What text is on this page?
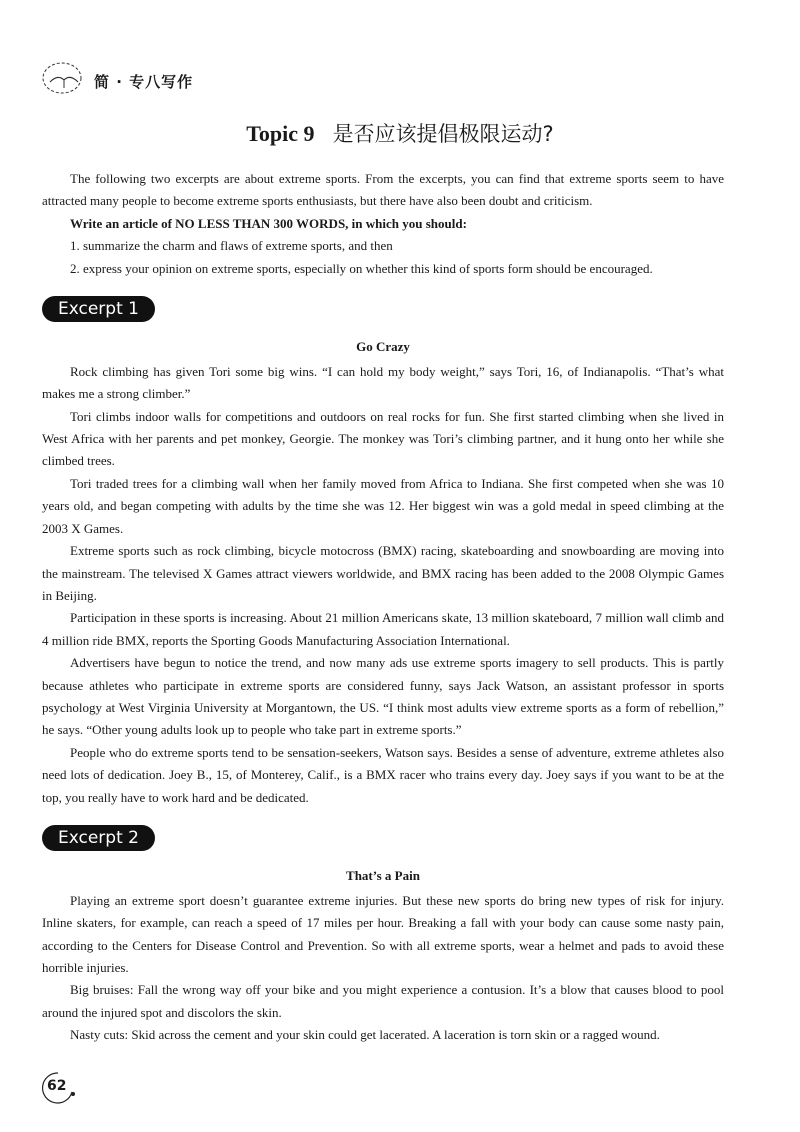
简 · 专八写作
Topic 9 是否应该提倡极限运动?

The following two excerpts are about extreme sports. From the excerpts, you can find that extreme sports seem to have attracted many people to become extreme sports enthusiasts, but there have also been doubt and criticism.

Write an article of NO LESS THAN 300 WORDS, in which you should:

1. summarize the charm and flaws of extreme sports, and then

2. express your opinion on extreme sports, especially on whether this kind of sports form should be encouraged.

Excerpt 1

Go Crazy

Rock climbing has given Tori some big wins. “I can hold my body weight,” says Tori, 16, of Indianapolis. “That’s what makes me a strong climber.”

Tori climbs indoor walls for competitions and outdoors on real rocks for fun. She first started climbing when she lived in West Africa with her parents and pet monkey, Georgie. The monkey was Tori’s climbing partner, and it hung onto her while she climbed trees.

Tori traded trees for a climbing wall when her family moved from Africa to Indiana. She first competed when she was 10 years old, and began competing with adults by the time she was 12. Her biggest win was a gold medal in speed climbing at the 2003 X Games.

Extreme sports such as rock climbing, bicycle motocross (BMX) racing, skateboarding and snowboarding are moving into the mainstream. The televised X Games attract viewers worldwide, and BMX racing has been added to the 2008 Olympic Games in Beijing.

Participation in these sports is increasing. About 21 million Americans skate, 13 million skateboard, 7 million wall climb and 4 million ride BMX, reports the Sporting Goods Manufacturing Association International.

Advertisers have begun to notice the trend, and now many ads use extreme sports imagery to sell products. This is partly because athletes who participate in extreme sports are considered funny, says Jack Watson, an assistant professor in sports psychology at West Virginia University at Morgantown, the US. “I think most adults view extreme sports as a form of rebellion,” he says. “Other young adults look up to people who take part in extreme sports.”

People who do extreme sports tend to be sensation-seekers, Watson says. Besides a sense of adventure, extreme athletes also need lots of dedication. Joey B., 15, of Monterey, Calif., is a BMX racer who trains every day. Joey says if you want to be at the top, you really have to work hard and be dedicated.

Excerpt 2

That’s a Pain

Playing an extreme sport doesn’t guarantee extreme injuries. But these new sports do bring new types of risk for injury. Inline skaters, for example, can reach a speed of 17 miles per hour. Breaking a fall with your body can cause some nasty pain, according to the Centers for Disease Control and Prevention. So with all extreme sports, wear a helmet and pads to avoid these horrible injuries.

Big bruises: Fall the wrong way off your bike and you might experience a contusion. It’s a blow that causes blood to pool around the injured spot and discolors the skin.

Nasty cuts: Skid across the cement and your skin could get lacerated. A laceration is torn skin or a ragged wound.

62
